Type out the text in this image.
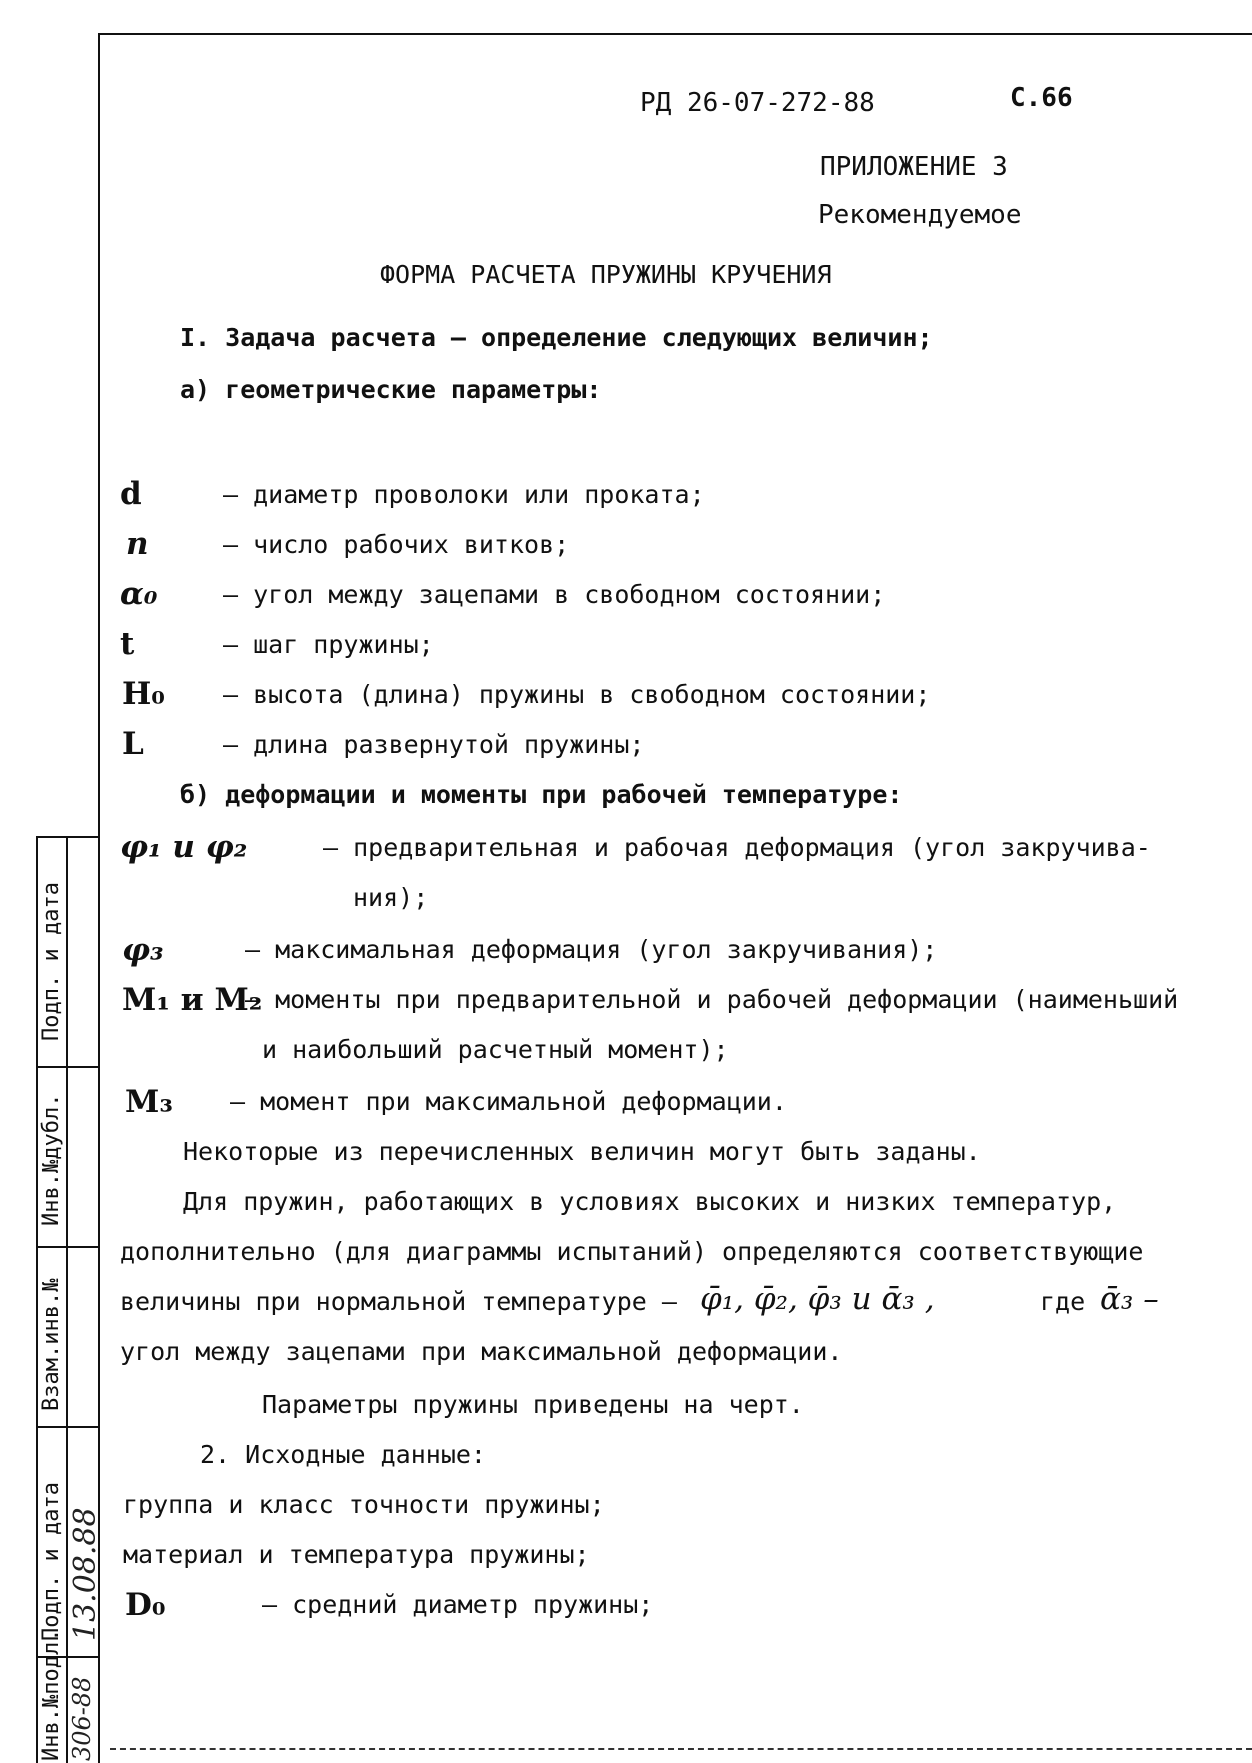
РД 26-07-272-88	С.66
ПРИЛОЖЕНИЕ 3
Рекомендуемое
ФОРМА РАСЧЕТА ПРУЖИНЫ КРУЧЕНИЯ
I. Задача расчета – определение следующих величин;
а) геометрические параметры:
d	– диаметр проволоки или проката;
n	– число рабочих витков;
α₀	– угол между зацепами в свободном состоянии;
t	– шаг пружины;
H₀ – высота (длина) пружины в свободном состоянии;
L	– длина развернутой пружины;
б) деформации и моменты при рабочей температуре:
φ₁ и φ₂	– предварительная и рабочая деформация (угол закручива-
ния);
φ₃	– максимальная деформация (угол закручивания);
М₁ и М₂
– моменты при предварительной и рабочей деформации (наименьший
и наибольший расчетный момент);
М₃ – момент при максимальной деформации.
Некоторые из перечисленных величин могут быть заданы.
Для пружин, работающих в условиях высоких и низких температур,
дополнительно (для диаграммы испытаний) определяются соответствующие
величины при нормальной температуре – φ̄₁, φ̄₂, φ̄₃ и ᾱ₃ ,	где ᾱ₃ –
угол между зацепами при максимальной деформации.
Параметры пружины приведены на черт.
2. Исходные данные:
группа и класс точности пружины;
материал и температура пружины;
D₀	– средний диаметр пружины;
Подп. и дата
Инв.№дубл.
Взам.инв.№
Подп. и дата
Инв.№подл.
13.08.88
306-88
